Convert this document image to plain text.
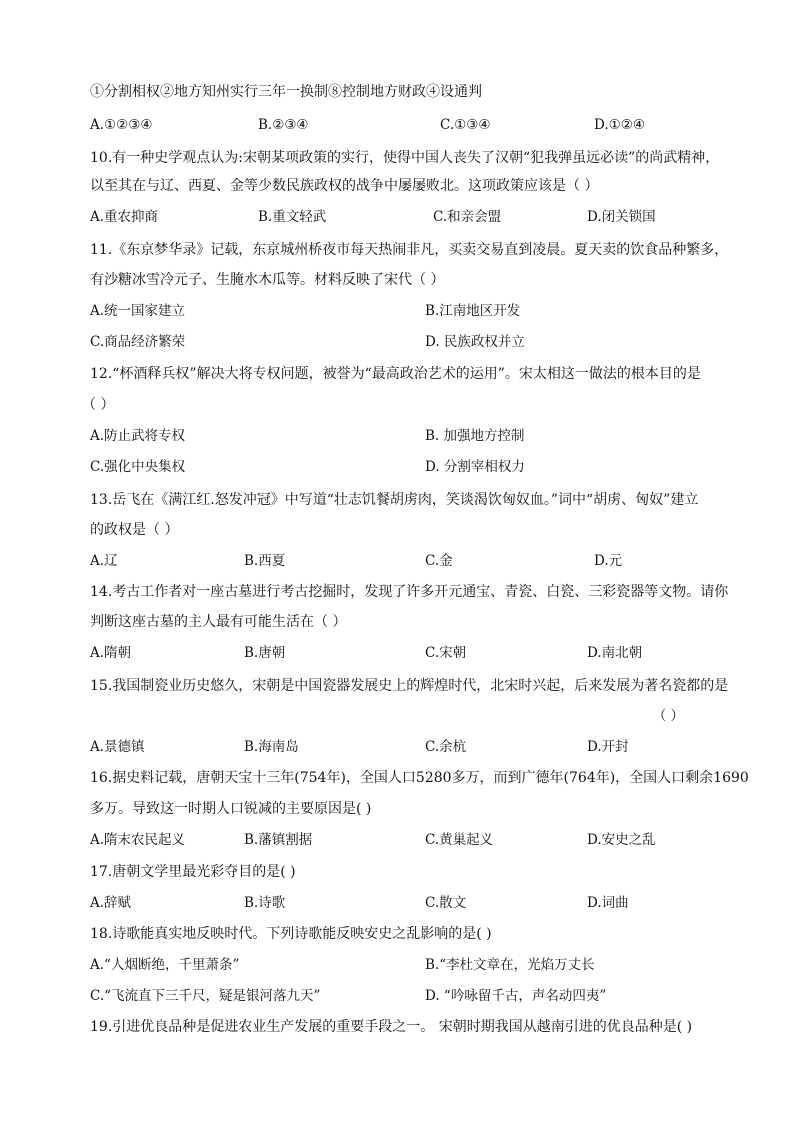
①分割相权②地方知州实行三年一换制⑧控制地方财政④设通判
A.①②③④	B.②③④	C.①③④	D.①②④
10.有一种史学观点认为:宋朝某项政策的实行，使得中国人丧失了汉朝“犯我弹虽远必读”的尚武精神，
以至其在与辽、西夏、金等少数民族政权的战争中屡屡败北。这项政策应该是（ ）
A.重农抑商	B.重文轻武	C.和亲会盟	D.闭关锁国
11.《东京梦华录》记载，东京城州桥夜市每天热闹非凡，买卖交易直到凌晨。夏天卖的饮食品种繁多，
有沙糖冰雪冷元子、生腌水木瓜等。材料反映了宋代（ ）
A.统一国家建立	B.江南地区开发
C.商品经济繁荣	D. 民族政权并立
12.“杯酒释兵权”解决大将专权问题，被誉为“最高政治艺术的运用”。宋太相这一做法的根本目的是
（ ）
A.防止武将专权	B. 加强地方控制
C.强化中央集权	D. 分割宰相权力
13.岳飞在《满江红.怒发冲冠》中写道“壮志饥餐胡虏肉，笑谈渴饮匈奴血。”词中“胡虏、匈奴”建立
的政权是（ ）
A.辽	B.西夏	C.金	D.元
14.考古工作者对一座古墓进行考古挖掘时，发现了许多开元通宝、青瓷、白瓷、三彩瓷器等文物。请你
判断这座古墓的主人最有可能生活在（ ）
A.隋朝	B.唐朝	C.宋朝	D.南北朝
15.我国制瓷业历史悠久，宋朝是中国瓷器发展史上的辉煌时代，北宋时兴起，后来发展为著名瓷都的是
（ ）
A.景德镇	B.海南岛	C.余杭	D.开封
16.据史料记载，唐朝天宝十三年(754年)，全国人口5280多万，而到广德年(764年)，全国人口剩余1690
多万。导致这一时期人口锐减的主要原因是( )
A.隋末农民起义	B.藩镇割据	C.黄巢起义	D.安史之乱
17.唐朝文学里最光彩夺目的是( )
A.辞赋	B.诗歌	C.散文	D.词曲
18.诗歌能真实地反映时代。下列诗歌能反映安史之乱影响的是( )
A.“人烟断绝，千里萧条”	B.“李杜文章在，光焰万丈长
C.“飞流直下三千尺，疑是银河落九天”	D. “吟咏留千古，声名动四夷”
19.引进优良品种是促进农业生产发展的重要手段之一。 宋朝时期我国从越南引进的优良品种是( )
